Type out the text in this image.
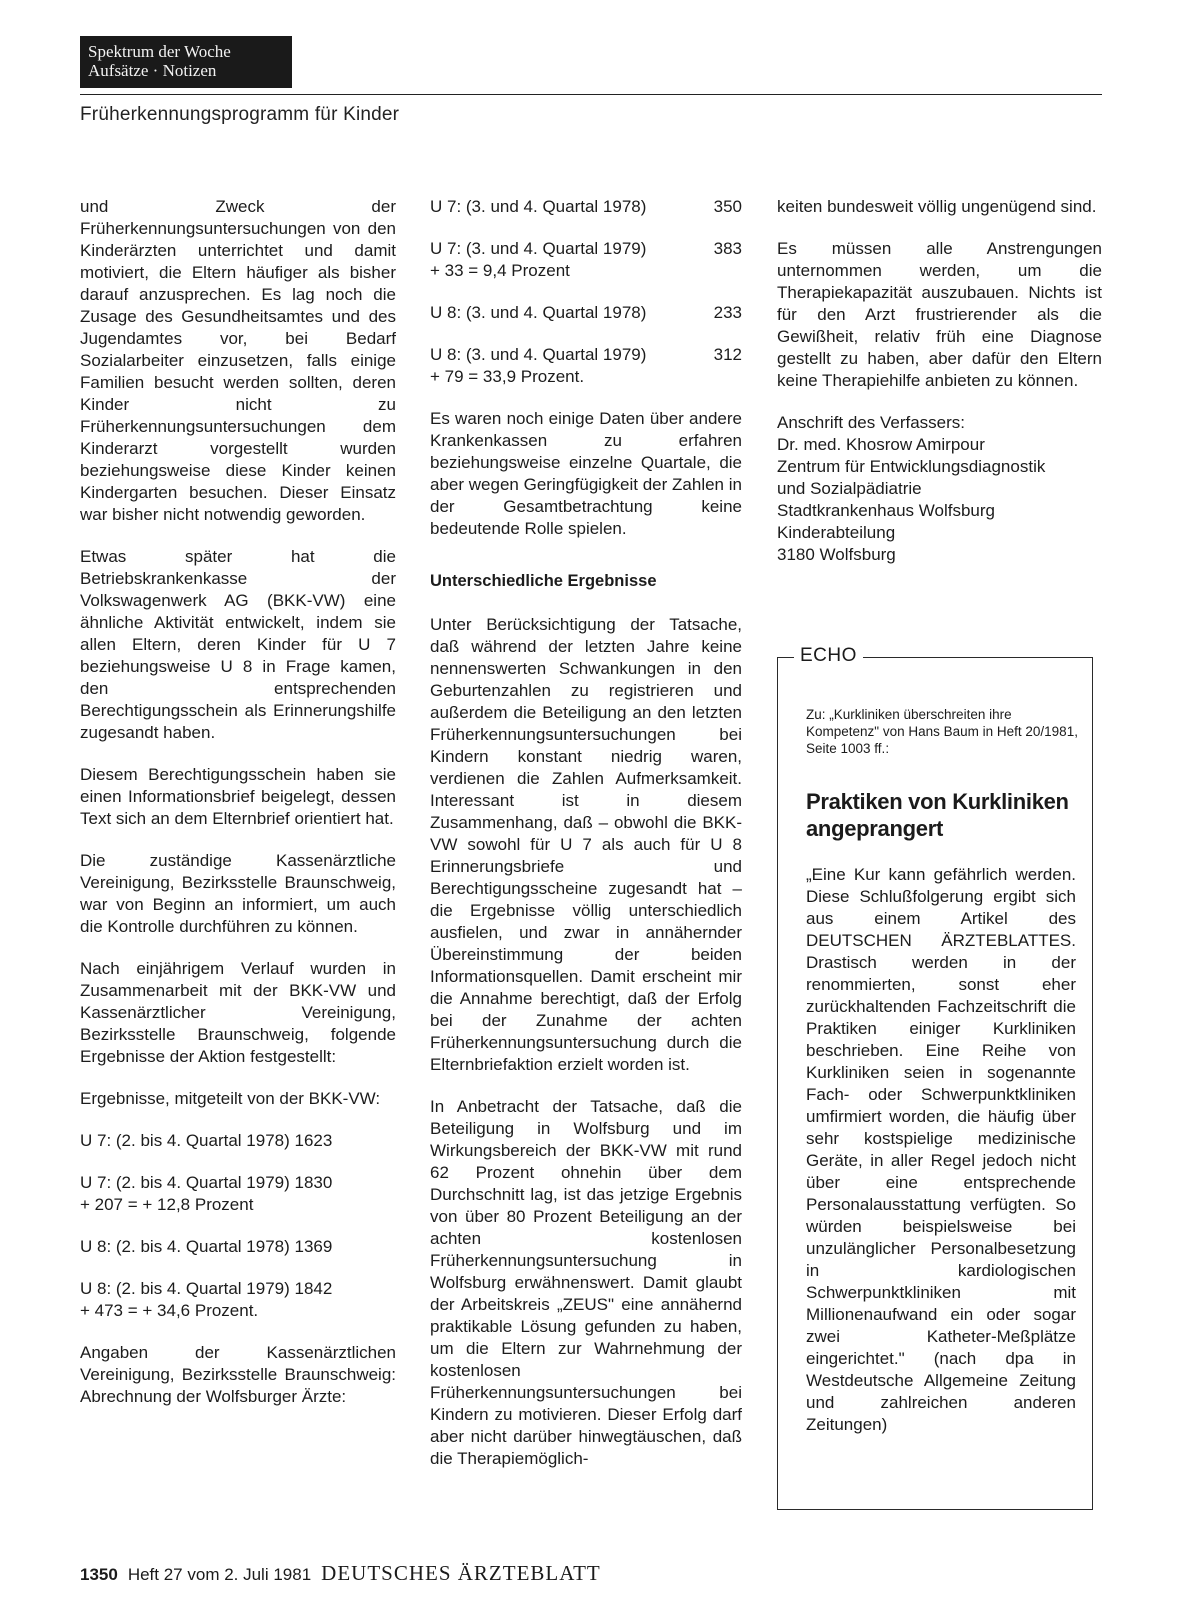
Spektrum der Woche
Aufsätze · Notizen
Früherkennungsprogramm für Kinder

und Zweck der Früherkennungsuntersuchungen von den Kinderärzten unterrichtet und damit motiviert, die Eltern häufiger als bisher darauf anzusprechen. Es lag noch die Zusage des Gesundheitsamtes und des Jugendamtes vor, bei Bedarf Sozialarbeiter einzusetzen, falls einige Familien besucht werden sollten, deren Kinder nicht zu Früherkennungsuntersuchungen dem Kinderarzt vorgestellt wurden beziehungsweise diese Kinder keinen Kindergarten besuchen. Dieser Einsatz war bisher nicht notwendig geworden.

Etwas später hat die Betriebskrankenkasse der Volkswagenwerk AG (BKK-VW) eine ähnliche Aktivität entwickelt, indem sie allen Eltern, deren Kinder für U 7 beziehungsweise U 8 in Frage kamen, den entsprechenden Berechtigungsschein als Erinnerungshilfe zugesandt haben.

Diesem Berechtigungsschein haben sie einen Informationsbrief beigelegt, dessen Text sich an dem Elternbrief orientiert hat.

Die zuständige Kassenärztliche Vereinigung, Bezirksstelle Braunschweig, war von Beginn an informiert, um auch die Kontrolle durchführen zu können.

Nach einjährigem Verlauf wurden in Zusammenarbeit mit der BKK-VW und Kassenärztlicher Vereinigung, Bezirksstelle Braunschweig, folgende Ergebnisse der Aktion festgestellt:

Ergebnisse, mitgeteilt von der BKK-VW:

U 7: (2. bis 4. Quartal 1978) 1623

U 7: (2. bis 4. Quartal 1979) 1830
+ 207 = + 12,8 Prozent

U 8: (2. bis 4. Quartal 1978) 1369

U 8: (2. bis 4. Quartal 1979) 1842
+ 473 = + 34,6 Prozent.

Angaben der Kassenärztlichen Vereinigung, Bezirksstelle Braunschweig: Abrechnung der Wolfsburger Ärzte:

U 7: (3. und 4. Quartal 1978)	350

U 7: (3. und 4. Quartal 1979)	383
+ 33 = 9,4 Prozent

U 8: (3. und 4. Quartal 1978)	233

U 8: (3. und 4. Quartal 1979)	312
+ 79 = 33,9 Prozent.

Es waren noch einige Daten über andere Krankenkassen zu erfahren beziehungsweise einzelne Quartale, die aber wegen Geringfügigkeit der Zahlen in der Gesamtbetrachtung keine bedeutende Rolle spielen.

Unterschiedliche Ergebnisse

Unter Berücksichtigung der Tatsache, daß während der letzten Jahre keine nennenswerten Schwankungen in den Geburtenzahlen zu registrieren und außerdem die Beteiligung an den letzten Früherkennungsuntersuchungen bei Kindern konstant niedrig waren, verdienen die Zahlen Aufmerksamkeit. Interessant ist in diesem Zusammenhang, daß – obwohl die BKK-VW sowohl für U 7 als auch für U 8 Erinnerungsbriefe und Berechtigungsscheine zugesandt hat – die Ergebnisse völlig unterschiedlich ausfielen, und zwar in annähernder Übereinstimmung der beiden Informationsquellen. Damit erscheint mir die Annahme berechtigt, daß der Erfolg bei der Zunahme der achten Früherkennungsuntersuchung durch die Elternbriefaktion erzielt worden ist.

In Anbetracht der Tatsache, daß die Beteiligung in Wolfsburg und im Wirkungsbereich der BKK-VW mit rund 62 Prozent ohnehin über dem Durchschnitt lag, ist das jetzige Ergebnis von über 80 Prozent Beteiligung an der achten kostenlosen Früherkennungsuntersuchung in Wolfsburg erwähnenswert. Damit glaubt der Arbeitskreis „ZEUS" eine annähernd praktikable Lösung gefunden zu haben, um die Eltern zur Wahrnehmung der kostenlosen Früherkennungsuntersuchungen bei Kindern zu motivieren. Dieser Erfolg darf aber nicht darüber hinwegtäuschen, daß die Therapiemöglich-

keiten bundesweit völlig ungenügend sind.

Es müssen alle Anstrengungen unternommen werden, um die Therapiekapazität auszubauen. Nichts ist für den Arzt frustrierender als die Gewißheit, relativ früh eine Diagnose gestellt zu haben, aber dafür den Eltern keine Therapiehilfe anbieten zu können.

Anschrift des Verfassers:
Dr. med. Khosrow Amirpour
Zentrum für Entwicklungsdiagnostik
und Sozialpädiatrie
Stadtkrankenhaus Wolfsburg
Kinderabteilung
3180 Wolfsburg
ECHO
Zu: „Kurkliniken überschreiten ihre Kompetenz" von Hans Baum in Heft 20/1981, Seite 1003 ff.:
Praktiken von Kurkliniken angeprangert
„Eine Kur kann gefährlich werden. Diese Schlußfolgerung ergibt sich aus einem Artikel des DEUTSCHEN ÄRZTEBLATTES. Drastisch werden in der renommierten, sonst eher zurückhaltenden Fachzeitschrift die Praktiken einiger Kurkliniken beschrieben. Eine Reihe von Kurkliniken seien in sogenannte Fach- oder Schwerpunktkliniken umfirmiert worden, die häufig über sehr kostspielige medizinische Geräte, in aller Regel jedoch nicht über eine entsprechende Personalausstattung verfügten. So würden beispielsweise bei unzulänglicher Personalbesetzung in kardiologischen Schwerpunktkliniken mit Millionenaufwand ein oder sogar zwei Katheter-Meßplätze eingerichtet." (nach dpa in Westdeutsche Allgemeine Zeitung und zahlreichen anderen Zeitungen)
1350 Heft 27 vom 2. Juli 1981 DEUTSCHES ÄRZTEBLATT
